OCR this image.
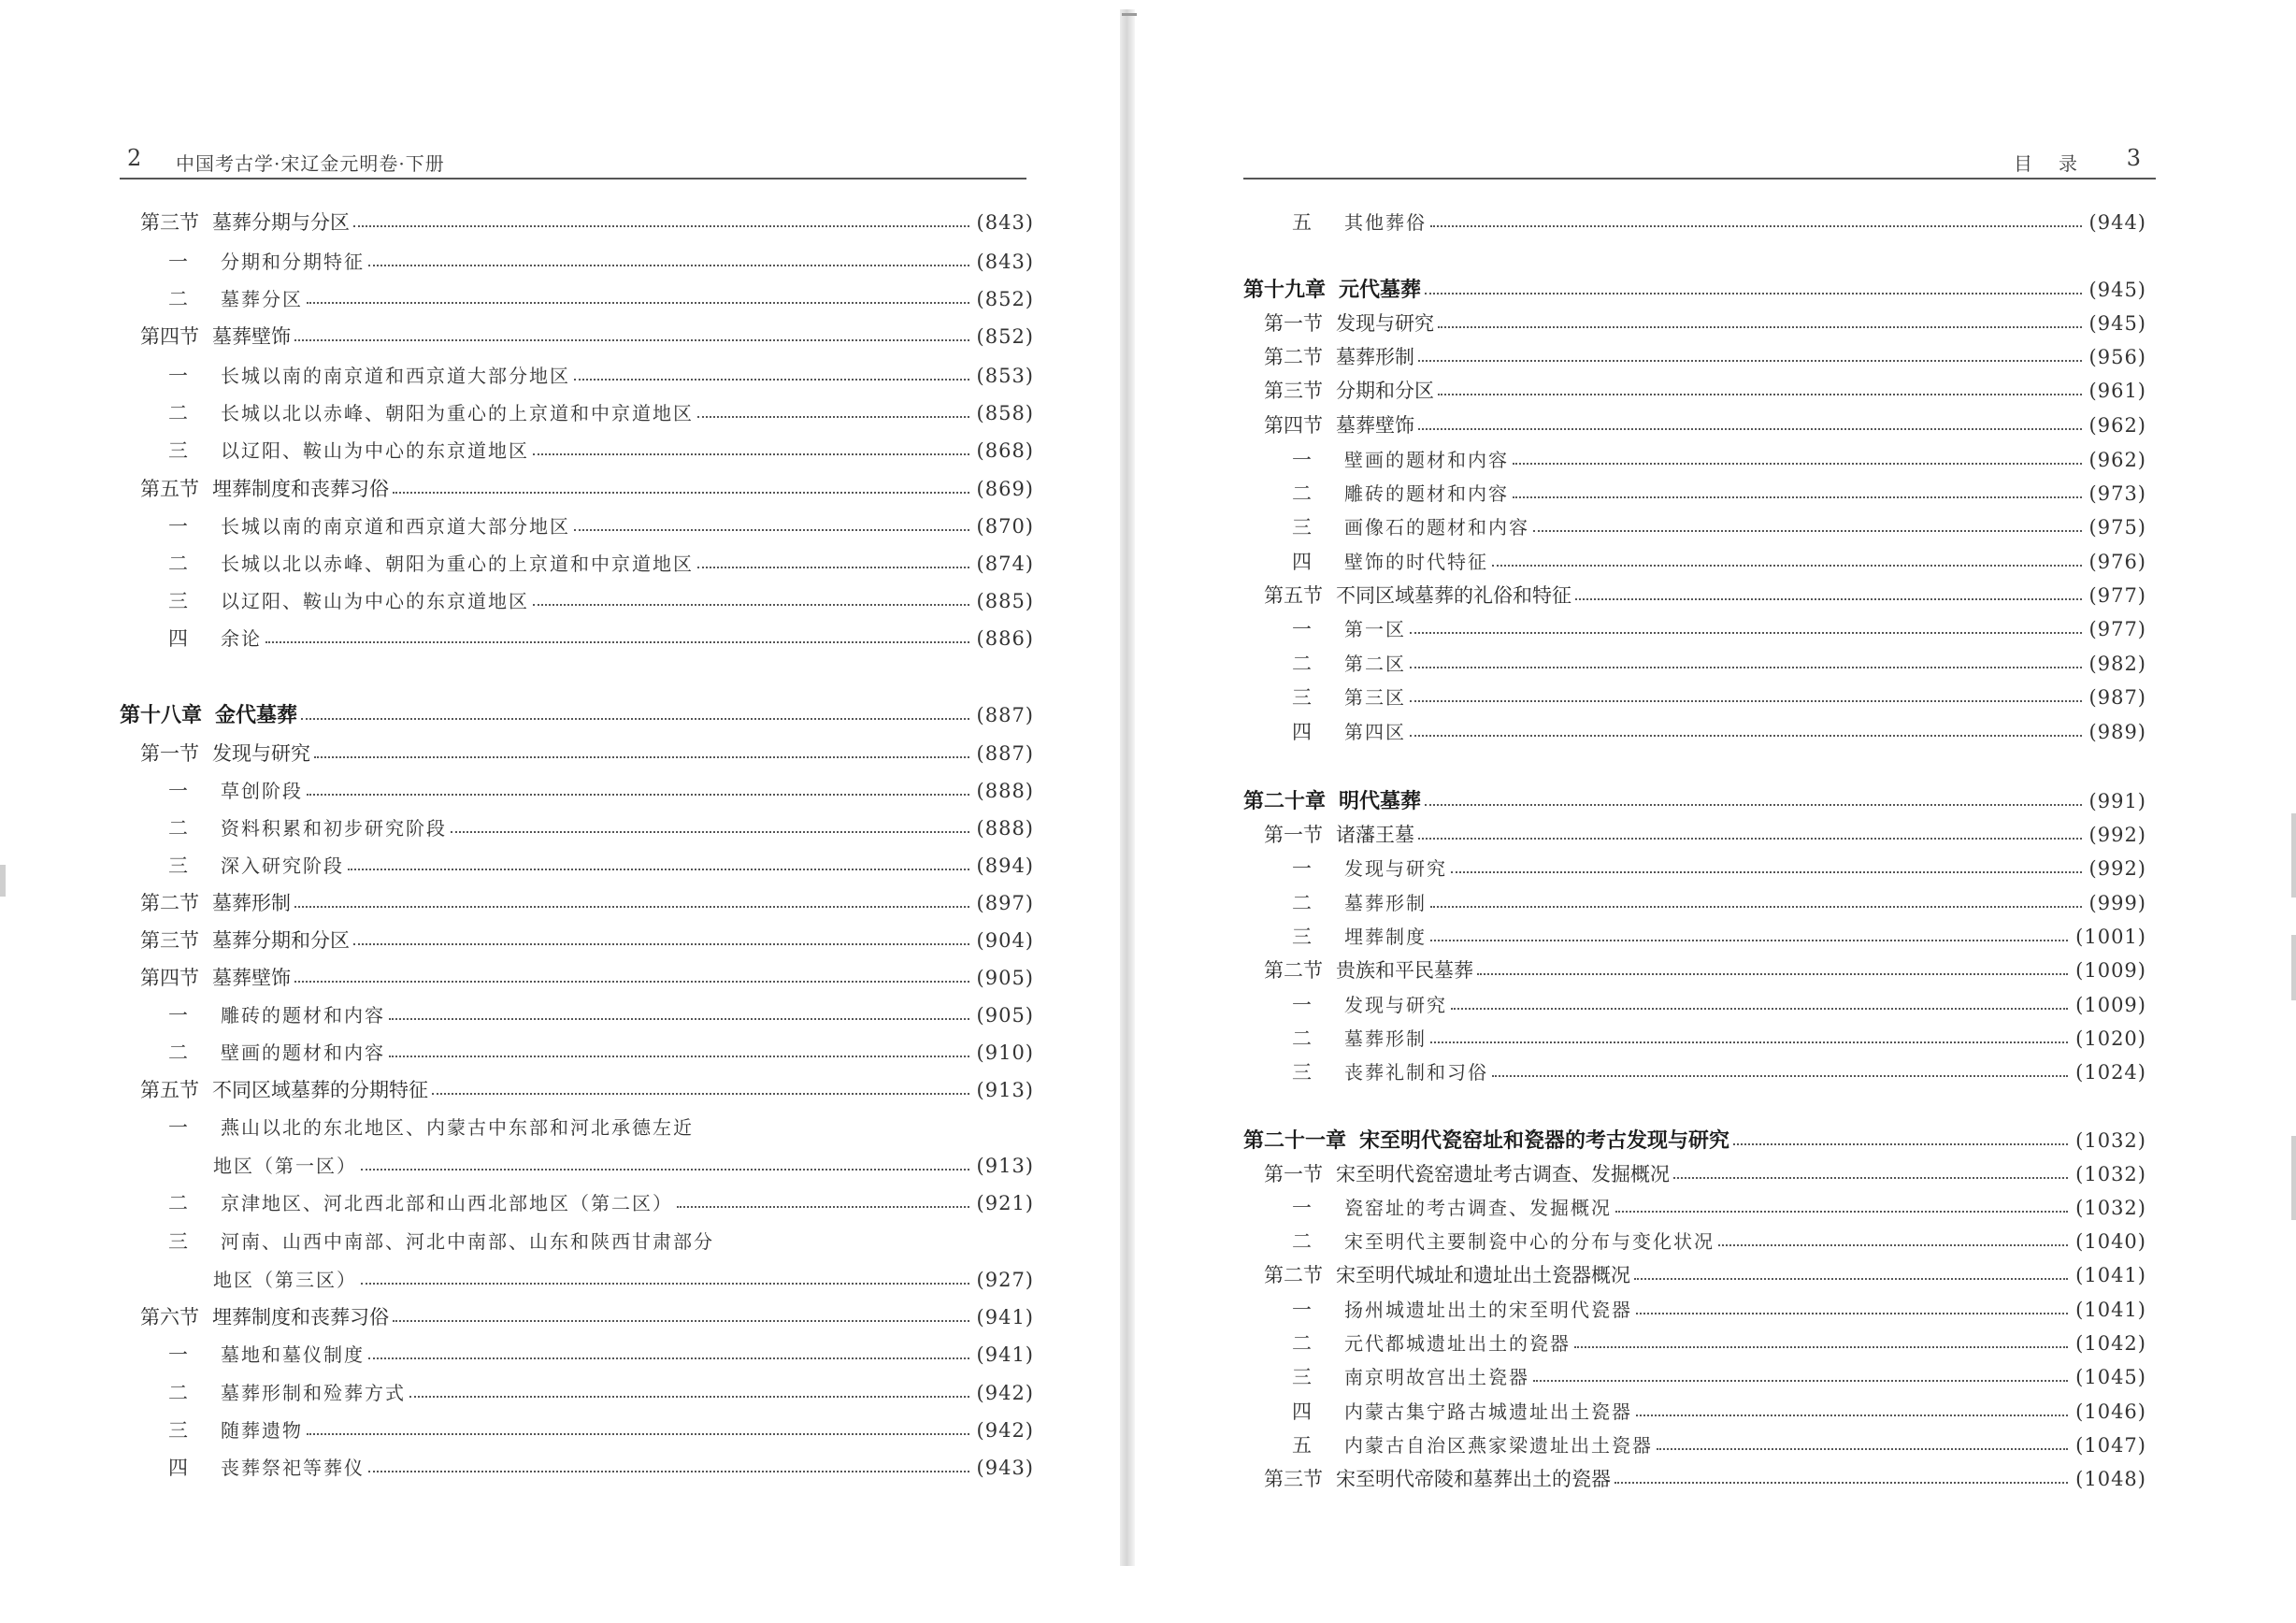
2 中国考古学·宋辽金元明卷·下册
第三节 墓葬分期与分区	(843)
一	分期和分期特征	(843)
二	墓葬分区	(852)
第四节 墓葬壁饰	(852)
一	长城以南的南京道和西京道大部分地区	(853)
二	长城以北以赤峰、朝阳为重心的上京道和中京道地区	(858)
三	以辽阳、鞍山为中心的东京道地区	(868)
第五节 埋葬制度和丧葬习俗	(869)
一	长城以南的南京道和西京道大部分地区	(870)
二	长城以北以赤峰、朝阳为重心的上京道和中京道地区	(874)
三	以辽阳、鞍山为中心的东京道地区	(885)
四	余论	(886)
第十八章 金代墓葬	(887)
第一节 发现与研究	(887)
一	草创阶段	(888)
二	资料积累和初步研究阶段	(888)
三	深入研究阶段	(894)
第二节 墓葬形制	(897)
第三节 墓葬分期和分区	(904)
第四节 墓葬壁饰	(905)
一	雕砖的题材和内容	(905)
二	壁画的题材和内容	(910)
第五节 不同区域墓葬的分期特征	(913)
一	燕山以北的东北地区、内蒙古中东部和河北承德左近
地区（第一区）	(913)
二	京津地区、河北西北部和山西北部地区（第二区）	(921)
三	河南、山西中南部、河北中南部、山东和陕西甘肃部分
地区（第三区）	(927)
第六节 埋葬制度和丧葬习俗	(941)
一	墓地和墓仪制度	(941)
二	墓葬形制和殓葬方式	(942)
三	随葬遗物	(942)
四	丧葬祭祀等葬仪	(943)
目录 3
五	其他葬俗	(944)
第十九章 元代墓葬	(945)
第一节 发现与研究	(945)
第二节 墓葬形制	(956)
第三节 分期和分区	(961)
第四节 墓葬壁饰	(962)
一	壁画的题材和内容	(962)
二	雕砖的题材和内容	(973)
三	画像石的题材和内容	(975)
四	壁饰的时代特征	(976)
第五节 不同区域墓葬的礼俗和特征	(977)
一	第一区	(977)
二	第二区	(982)
三	第三区	(987)
四	第四区	(989)
第二十章 明代墓葬	(991)
第一节 诸藩王墓	(992)
一	发现与研究	(992)
二	墓葬形制	(999)
三	埋葬制度	(1001)
第二节 贵族和平民墓葬	(1009)
一	发现与研究	(1009)
二	墓葬形制	(1020)
三	丧葬礼制和习俗	(1024)
第二十一章 宋至明代瓷窑址和瓷器的考古发现与研究	(1032)
第一节 宋至明代瓷窑遗址考古调查、发掘概况	(1032)
一	瓷窑址的考古调查、发掘概况	(1032)
二	宋至明代主要制瓷中心的分布与变化状况	(1040)
第二节 宋至明代城址和遗址出土瓷器概况	(1041)
一	扬州城遗址出土的宋至明代瓷器	(1041)
二	元代都城遗址出土的瓷器	(1042)
三	南京明故宫出土瓷器	(1045)
四	内蒙古集宁路古城遗址出土瓷器	(1046)
五	内蒙古自治区燕家梁遗址出土瓷器	(1047)
第三节 宋至明代帝陵和墓葬出土的瓷器	(1048)
